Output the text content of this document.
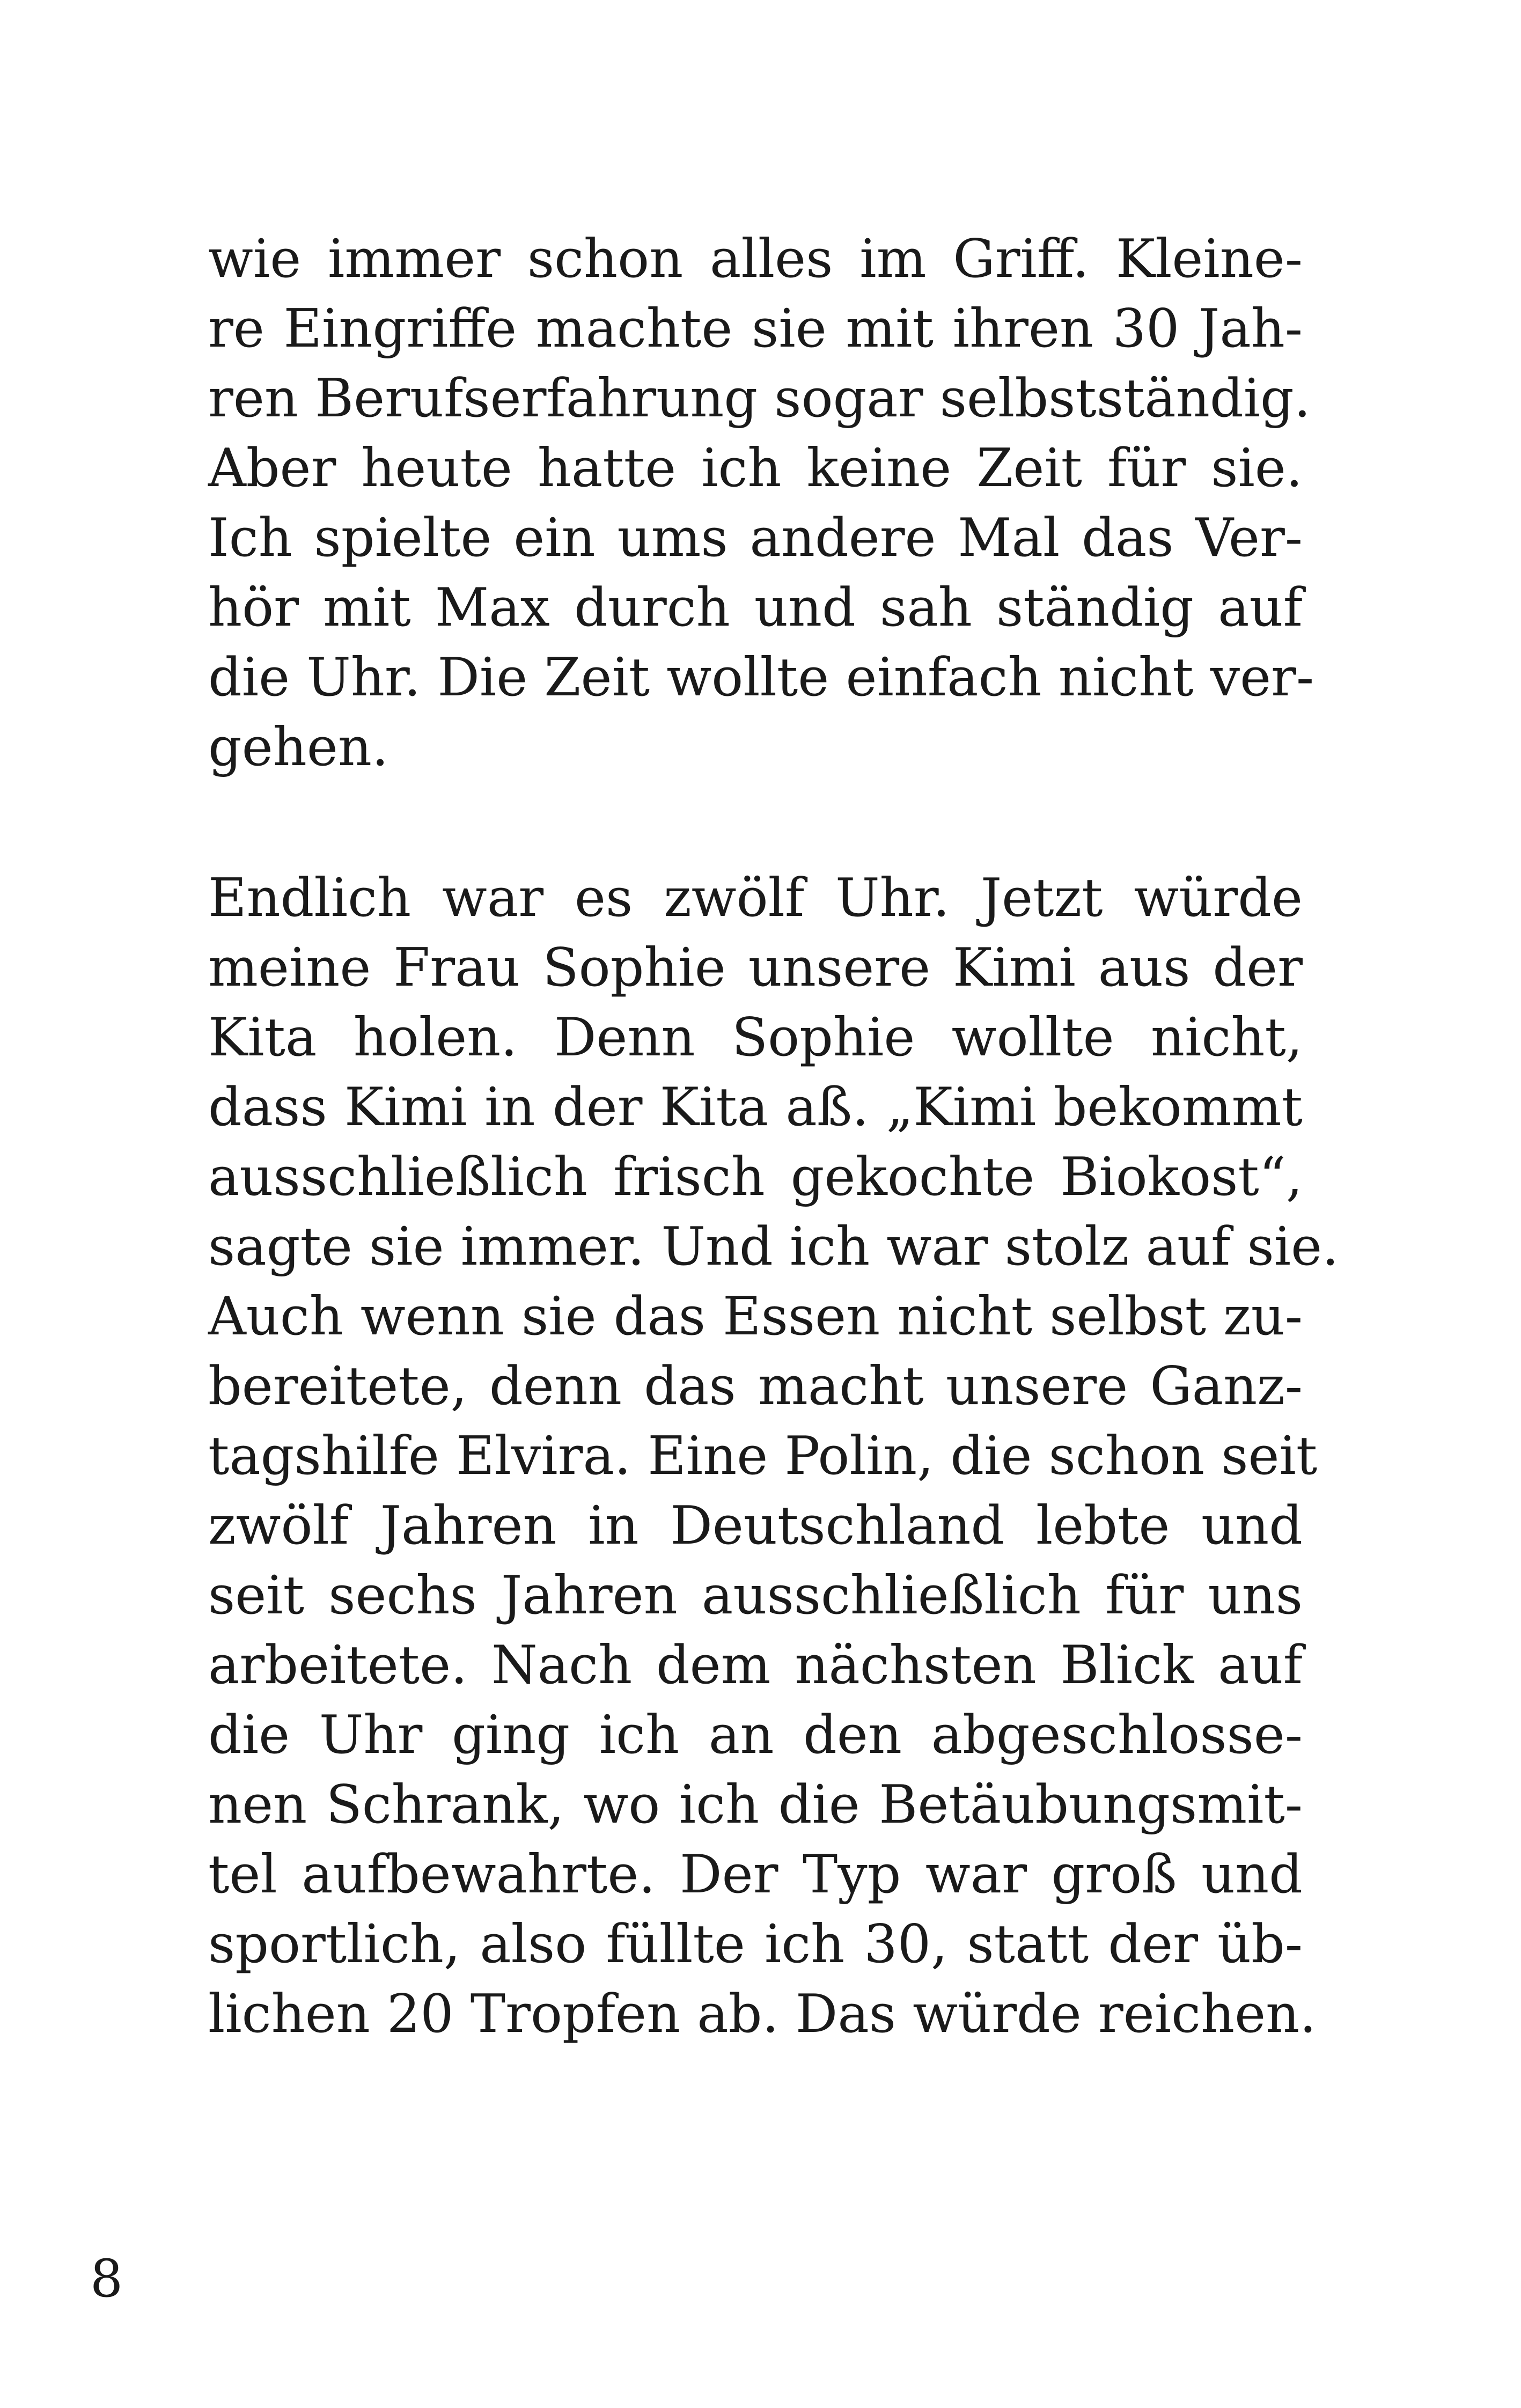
wie immer schon alles im Griff. Kleine-
re Eingriffe machte sie mit ihren 30 Jah-
ren Berufserfahrung sogar selbstständig.
Aber heute hatte ich keine Zeit für sie.
Ich spielte ein ums andere Mal das Ver-
hör mit Max durch und sah ständig auf
die Uhr. Die Zeit wollte einfach nicht ver-
gehen.
Endlich war es zwölf Uhr. Jetzt würde
meine Frau Sophie unsere Kimi aus der
Kita holen. Denn Sophie wollte nicht,
dass Kimi in der Kita aß. „Kimi bekommt
ausschließlich frisch gekochte Biokost“,
sagte sie immer. Und ich war stolz auf sie.
Auch wenn sie das Essen nicht selbst zu-
bereitete, denn das macht unsere Ganz-
tagshilfe Elvira. Eine Polin, die schon seit
zwölf Jahren in Deutschland lebte und
seit sechs Jahren ausschließlich für uns
arbeitete. Nach dem nächsten Blick auf
die Uhr ging ich an den abgeschlosse-
nen Schrank, wo ich die Betäubungsmit-
tel aufbewahrte. Der Typ war groß und
sportlich, also füllte ich 30, statt der üb-
lichen 20 Tropfen ab. Das würde reichen.
8
